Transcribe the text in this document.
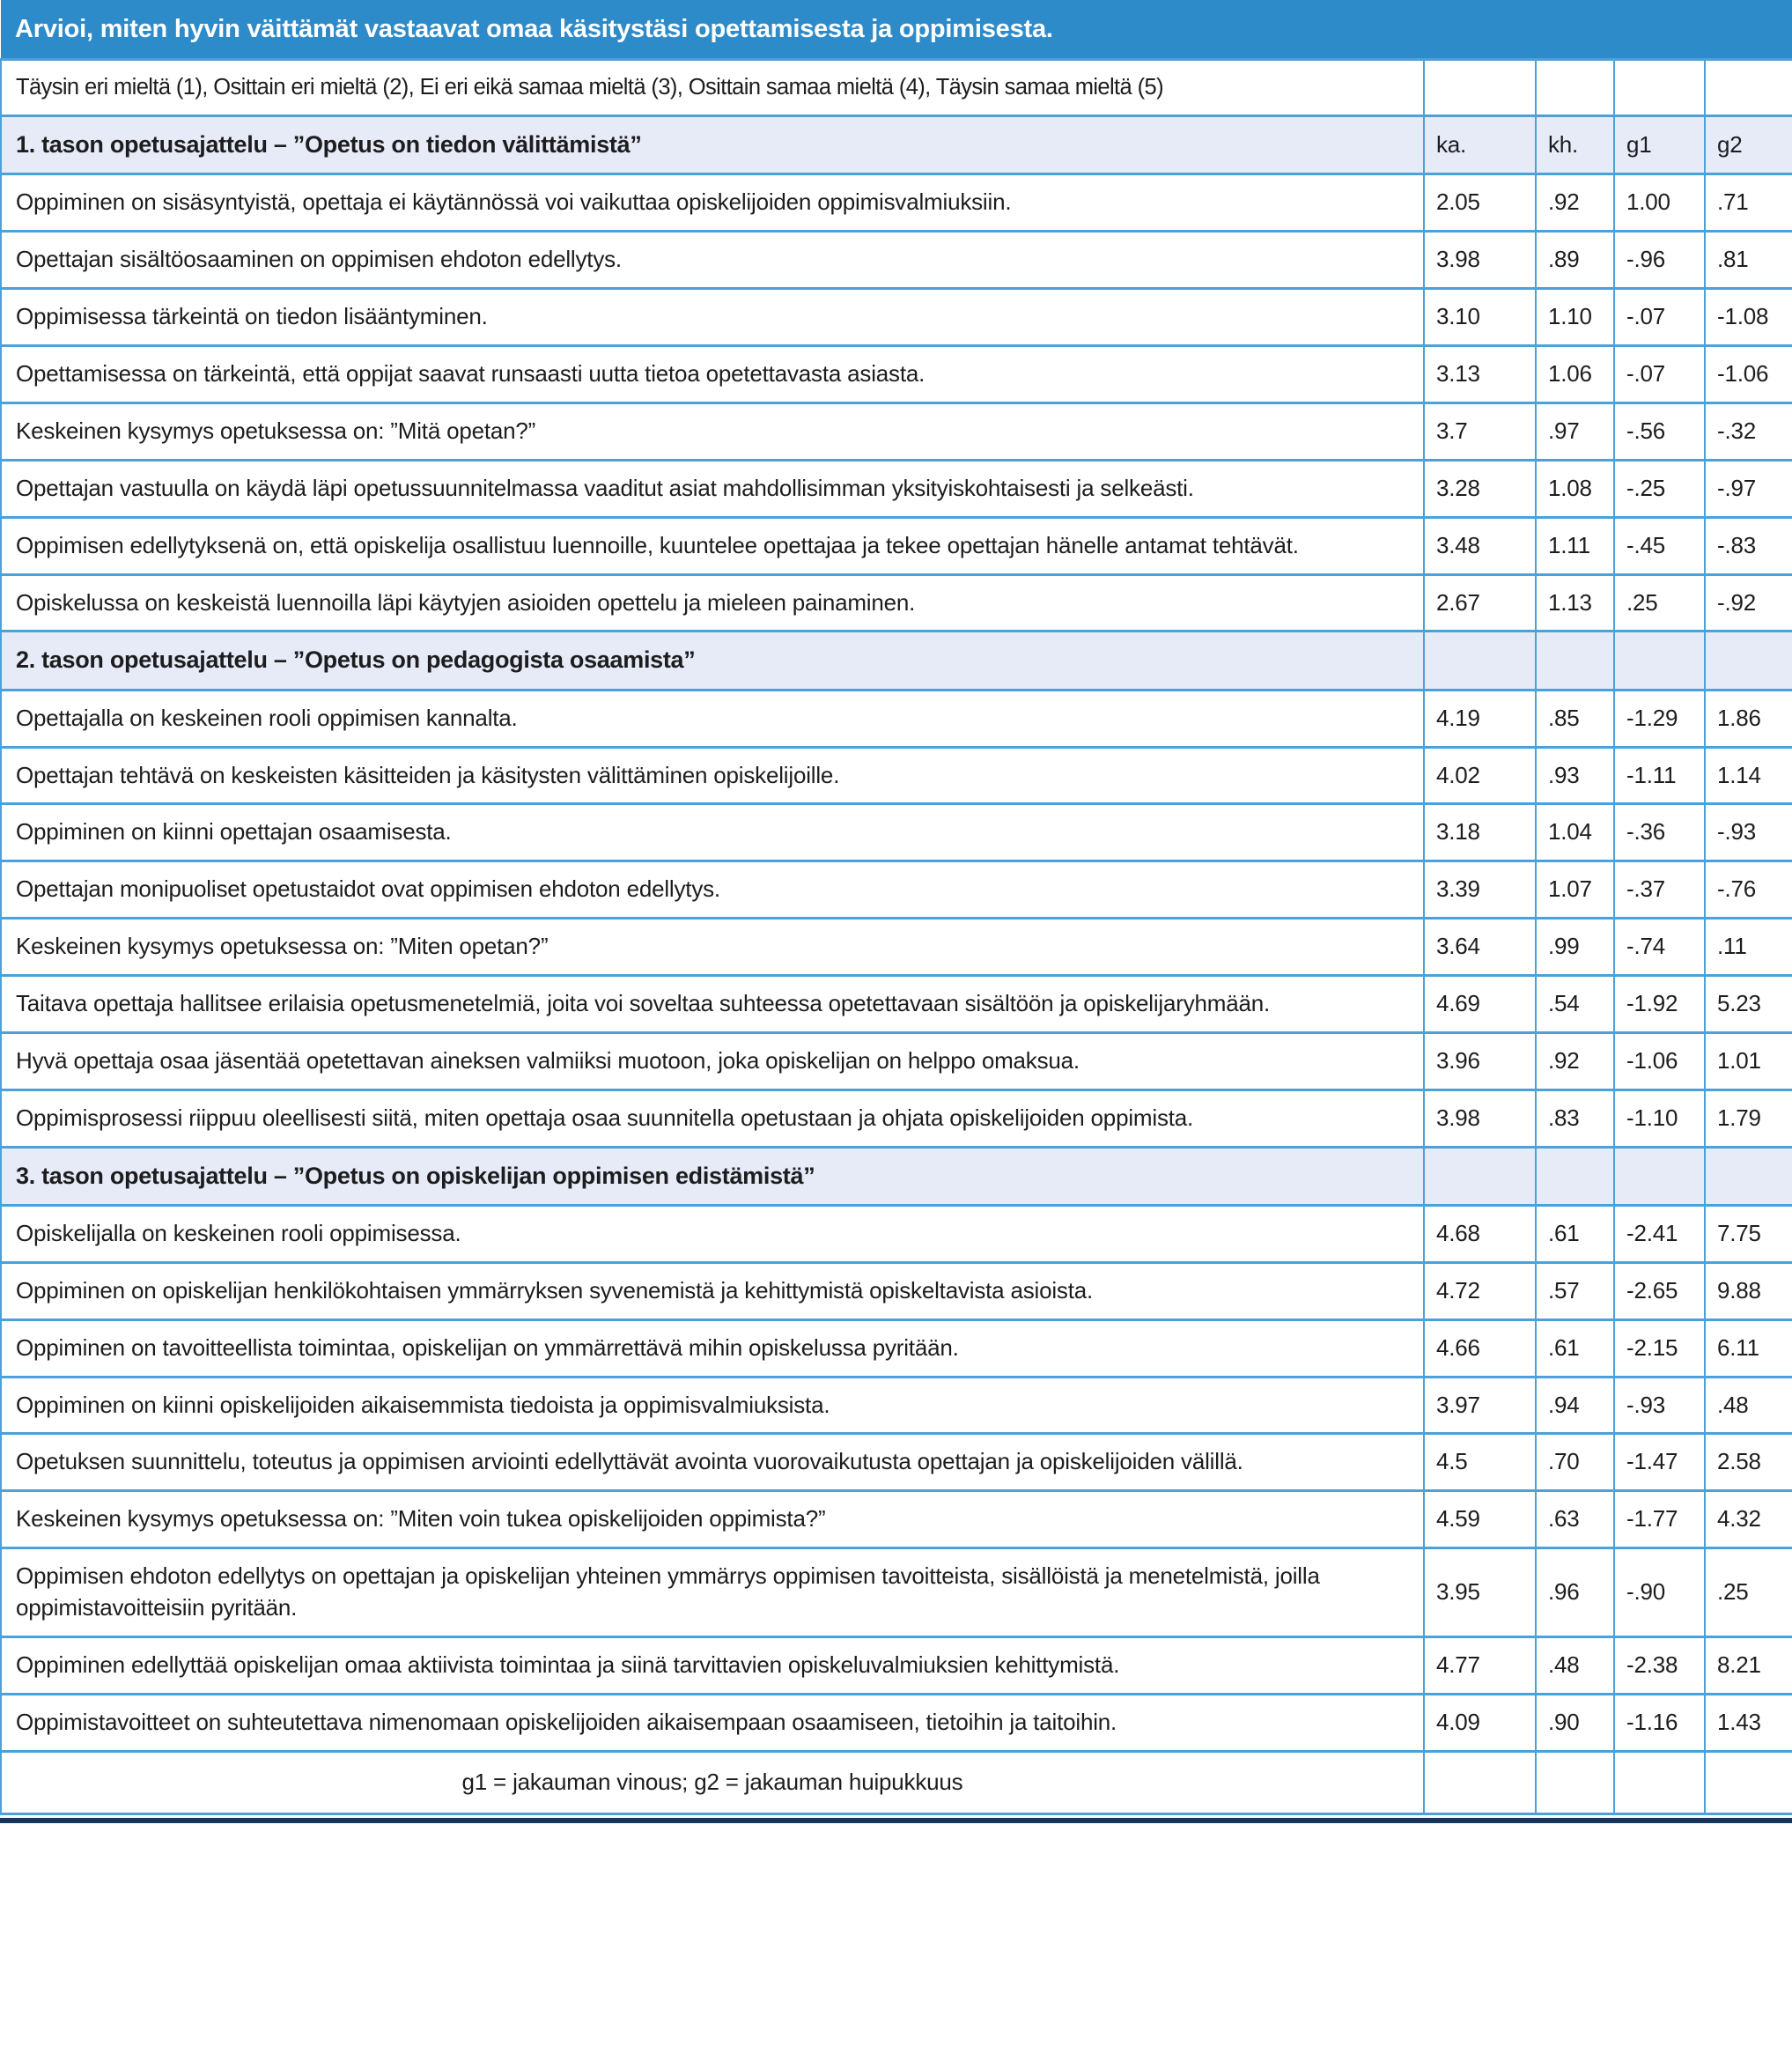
Arvioi, miten hyvin väittämät vastaavat omaa käsitystäsi opettamisesta ja oppimisesta.				
Täysin eri mieltä (1), Osittain eri mieltä (2), Ei eri eikä samaa mieltä (3), Osittain samaa mieltä (4), Täysin samaa mieltä (5)				
1. tason opetusajattelu – ”Opetus on tiedon välittämistä”	ka.	kh.	g1	g2
Oppiminen on sisäsyntyistä, opettaja ei käytännössä voi vaikuttaa opiskelijoiden oppimisvalmiuksiin.	2.05	.92	1.00	.71
Opettajan sisältöosaaminen on oppimisen ehdoton edellytys.	3.98	.89	-.96	.81
Oppimisessa tärkeintä on tiedon lisääntyminen.	3.10	1.10	-.07	-1.08
Opettamisessa on tärkeintä, että oppijat saavat runsaasti uutta tietoa opetettavasta asiasta.	3.13	1.06	-.07	-1.06
Keskeinen kysymys opetuksessa on: ”Mitä opetan?”	3.7	.97	-.56	-.32
Opettajan vastuulla on käydä läpi opetussuunnitelmassa vaaditut asiat mahdollisimman yksityiskohtaisesti ja selkeästi.	3.28	1.08	-.25	-.97
Oppimisen edellytyksenä on, että opiskelija osallistuu luennoille, kuuntelee opettajaa ja tekee opettajan hänelle antamat tehtävät.	3.48	1.11	-.45	-.83
Opiskelussa on keskeistä luennoilla läpi käytyjen asioiden opettelu ja mieleen painaminen.	2.67	1.13	.25	-.92
2. tason opetusajattelu – ”Opetus on pedagogista osaamista”				
Opettajalla on keskeinen rooli oppimisen kannalta.	4.19	.85	-1.29	1.86
Opettajan tehtävä on keskeisten käsitteiden ja käsitysten välittäminen opiskelijoille.	4.02	.93	-1.11	1.14
Oppiminen on kiinni opettajan osaamisesta.	3.18	1.04	-.36	-.93
Opettajan monipuoliset opetustaidot ovat oppimisen ehdoton edellytys.	3.39	1.07	-.37	-.76
Keskeinen kysymys opetuksessa on: ”Miten opetan?”	3.64	.99	-.74	.11
Taitava opettaja hallitsee erilaisia opetusmenetelmiä, joita voi soveltaa suhteessa opetettavaan sisältöön ja opiskelijaryhmään.	4.69	.54	-1.92	5.23
Hyvä opettaja osaa jäsentää opetettavan aineksen valmiiksi muotoon, joka opiskelijan on helppo omaksua.	3.96	.92	-1.06	1.01
Oppimisprosessi riippuu oleellisesti siitä, miten opettaja osaa suunnitella opetustaan ja ohjata opiskelijoiden oppimista.	3.98	.83	-1.10	1.79
3. tason opetusajattelu – ”Opetus on opiskelijan oppimisen edistämistä”				
Opiskelijalla on keskeinen rooli oppimisessa.	4.68	.61	-2.41	7.75
Oppiminen on opiskelijan henkilökohtaisen ymmärryksen syvenemistä ja kehittymistä opiskeltavista asioista.	4.72	.57	-2.65	9.88
Oppiminen on tavoitteellista toimintaa, opiskelijan on ymmärrettävä mihin opiskelussa pyritään.	4.66	.61	-2.15	6.11
Oppiminen on kiinni opiskelijoiden aikaisemmista tiedoista ja oppimisvalmiuksista.	3.97	.94	-.93	.48
Opetuksen suunnittelu, toteutus ja oppimisen arviointi edellyttävät avointa vuorovaikutusta opettajan ja opiskelijoiden välillä.	4.5	.70	-1.47	2.58
Keskeinen kysymys opetuksessa on: ”Miten voin tukea opiskelijoiden oppimista?”	4.59	.63	-1.77	4.32
Oppimisen ehdoton edellytys on opettajan ja opiskelijan yhteinen ymmärrys oppimisen tavoitteista, sisällöistä ja menetelmistä, joilla oppimistavoitteisiin pyritään.	3.95	.96	-.90	.25
Oppiminen edellyttää opiskelijan omaa aktiivista toimintaa ja siinä tarvittavien opiskeluvalmiuksien kehittymistä.	4.77	.48	-2.38	8.21
Oppimistavoitteet on suhteutettava nimenomaan opiskelijoiden aikaisempaan osaamiseen, tietoihin ja taitoihin.	4.09	.90	-1.16	1.43
g1 = jakauman vinous; g2 = jakauman huipukkuus				
